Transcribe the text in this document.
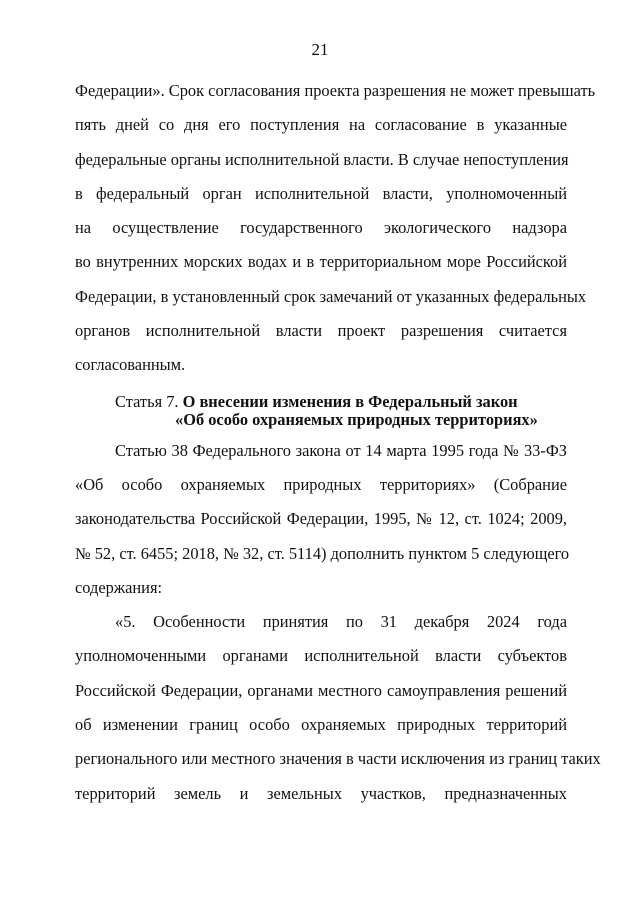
21
Федерации». Срок согласования проекта разрешения не может превышать
пять дней со дня его поступления на согласование в указанные
федеральные органы исполнительной власти. В случае непоступления
в федеральный орган исполнительной власти, уполномоченный
на осуществление государственного экологического надзора
во внутренних морских водах и в территориальном море Российской
Федерации, в установленный срок замечаний от указанных федеральных
органов исполнительной власти проект разрешения считается
согласованным.
Статья 7. О внесении изменения в Федеральный закон
«Об особо охраняемых природных территориях»
Статью 38 Федерального закона от 14 марта 1995 года № 33-ФЗ
«Об особо охраняемых природных территориях» (Собрание
законодательства Российской Федерации, 1995, № 12, ст. 1024; 2009,
№ 52, ст. 6455; 2018, № 32, ст. 5114) дополнить пунктом 5 следующего
содержания:
«5. Особенности принятия по 31 декабря 2024 года
уполномоченными органами исполнительной власти субъектов
Российской Федерации, органами местного самоуправления решений
об изменении границ особо охраняемых природных территорий
регионального или местного значения в части исключения из границ таких
территорий земель и земельных участков, предназначенных
